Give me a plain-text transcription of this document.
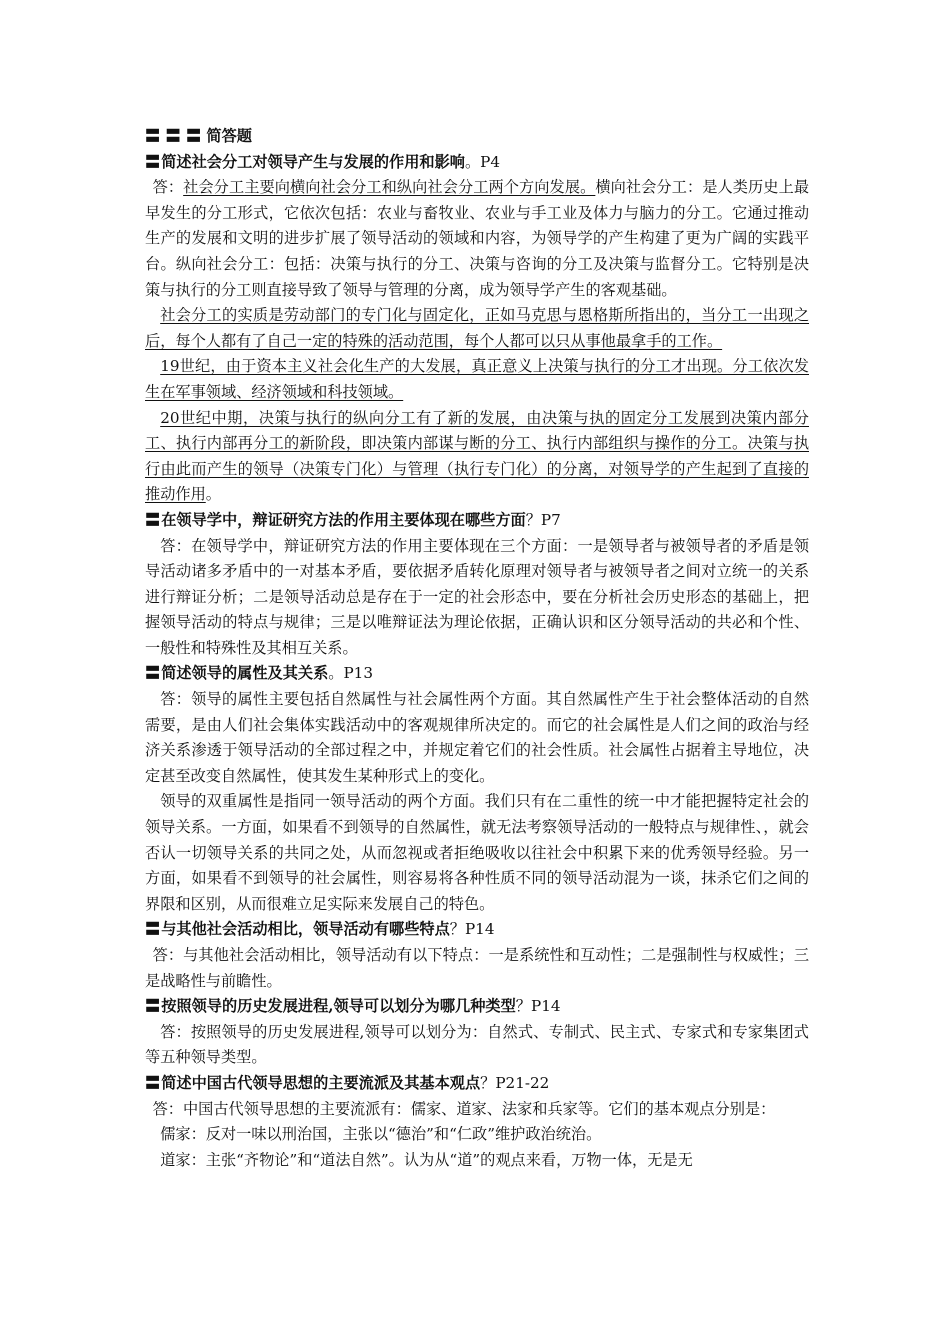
〓 〓 〓 简答题

〓简述社会分工对领导产生与发展的作用和影响。P4

答：社会分工主要向横向社会分工和纵向社会分工两个方向发展。横向社会分工：是人类历史上最早发生的分工形式，它依次包括：农业与畜牧业、农业与手工业及体力与脑力的分工。它通过推动生产的发展和文明的进步扩展了领导活动的领域和内容，为领导学的产生构建了更为广阔的实践平台。纵向社会分工：包括：决策与执行的分工、决策与咨询的分工及决策与监督分工。它特别是决策与执行的分工则直接导致了领导与管理的分离，成为领导学产生的客观基础。

社会分工的实质是劳动部门的专门化与固定化，正如马克思与恩格斯所指出的，当分工一出现之后，每个人都有了自己一定的特殊的活动范围，每个人都可以只从事他最拿手的工作。

19世纪，由于资本主义社会化生产的大发展，真正意义上决策与执行的分工才出现。分工依次发生在军事领域、经济领域和科技领域。

20世纪中期，决策与执行的纵向分工有了新的发展，由决策与执的固定分工发展到决策内部分工、执行内部再分工的新阶段，即决策内部谋与断的分工、执行内部组织与操作的分工。决策与执行由此而产生的领导（决策专门化）与管理（执行专门化）的分离，对领导学的产生起到了直接的推动作用。

〓在领导学中，辩证研究方法的作用主要体现在哪些方面？P7

答：在领导学中，辩证研究方法的作用主要体现在三个方面：一是领导者与被领导者的矛盾是领导活动诸多矛盾中的一对基本矛盾，要依据矛盾转化原理对领导者与被领导者之间对立统一的关系进行辩证分析；二是领导活动总是存在于一定的社会形态中，要在分析社会历史形态的基础上，把握领导活动的特点与规律；三是以唯辩证法为理论依据，正确认识和区分领导活动的共必和个性、一般性和特殊性及其相互关系。

〓简述领导的属性及其关系。P13

答：领导的属性主要包括自然属性与社会属性两个方面。其自然属性产生于社会整体活动的自然需要，是由人们社会集体实践活动中的客观规律所决定的。而它的社会属性是人们之间的政治与经济关系渗透于领导活动的全部过程之中，并规定着它们的社会性质。社会属性占据着主导地位，决定甚至改变自然属性，使其发生某种形式上的变化。

领导的双重属性是指同一领导活动的两个方面。我们只有在二重性的统一中才能把握特定社会的领导关系。一方面，如果看不到领导的自然属性，就无法考察领导活动的一般特点与规律性、，就会否认一切领导关系的共同之处，从而忽视或者拒绝吸收以往社会中积累下来的优秀领导经验。另一方面，如果看不到领导的社会属性，则容易将各种性质不同的领导活动混为一谈，抹杀它们之间的界限和区别，从而很难立足实际来发展自己的特色。

〓与其他社会活动相比，领导活动有哪些特点？P14

答：与其他社会活动相比，领导活动有以下特点：一是系统性和互动性；二是强制性与权威性；三是战略性与前瞻性。

〓按照领导的历史发展进程,领导可以划分为哪几种类型？P14

答：按照领导的历史发展进程,领导可以划分为：自然式、专制式、民主式、专家式和专家集团式等五种领导类型。

〓简述中国古代领导思想的主要流派及其基本观点？P21-22

答：中国古代领导思想的主要流派有：儒家、道家、法家和兵家等。它们的基本观点分别是：

儒家：反对一味以刑治国，主张以“德治”和“仁政”维护政治统治。

道家：主张“齐物论”和“道法自然”。认为从“道”的观点来看，万物一体，无是无
